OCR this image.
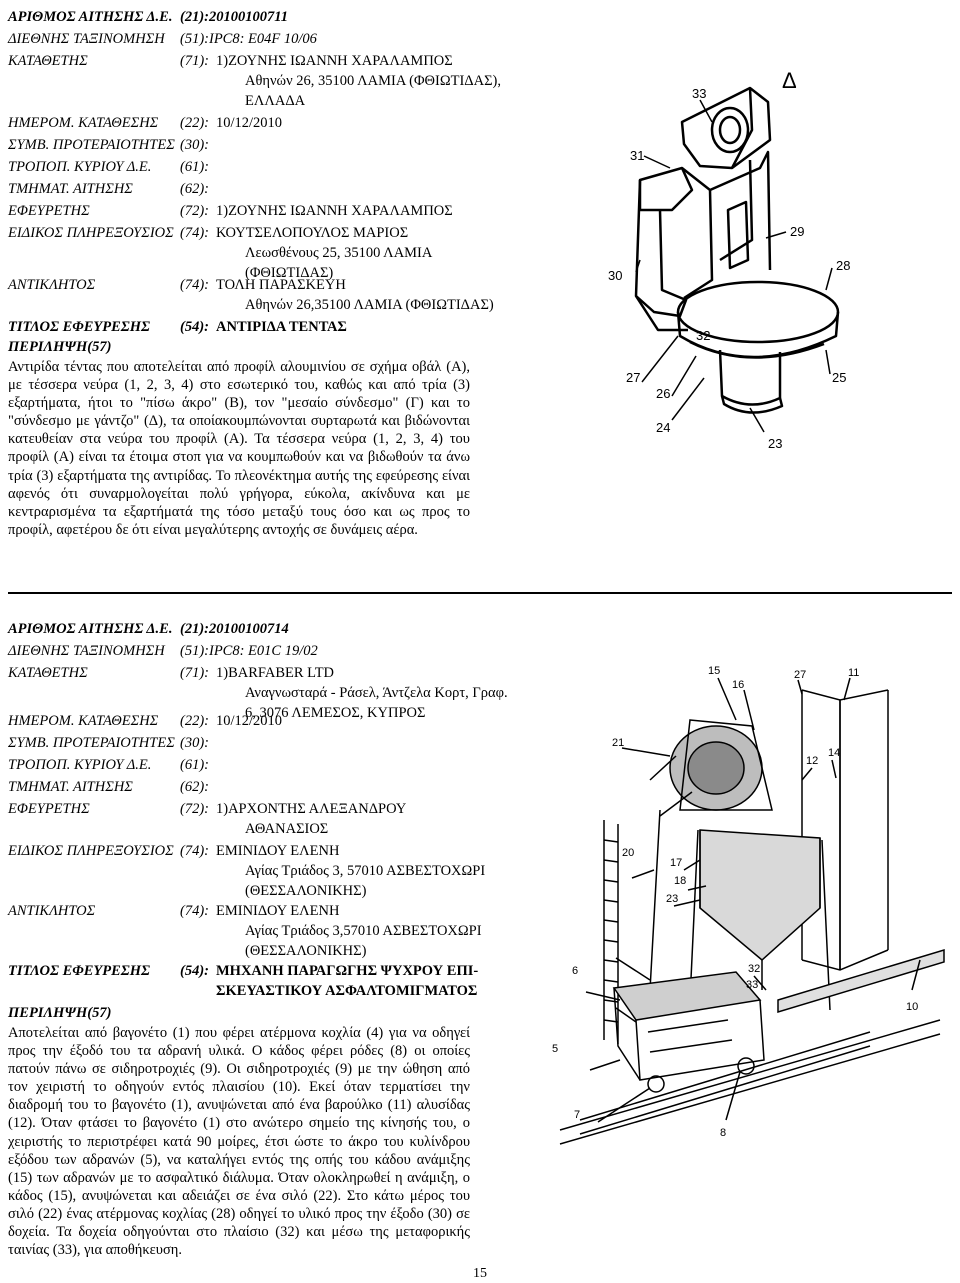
ΑΡΙΘΜΟΣ ΑΙΤΗΣΗΣ Δ.Ε. (21):20100100711
ΔΙΕΘΝΗΣ ΤΑΞΙΝΟΜΗΣΗ (51):IPC8: E04F 10/06
ΚΑΤΑΘΕΤΗΣ	(71): 1)ΖΟΥΝΗΣ ΙΩΑΝΝΗ ΧΑΡΑΛΑΜΠΟΣ
Αθηνών 26, 35100 ΛΑΜΙΑ (ΦΘΙΩΤΙΔΑΣ),
ΕΛΛΑΔΑ
ΗΜΕΡΟΜ. ΚΑΤΑΘΕΣΗΣ (22): 10/12/2010
ΣΥΜΒ. ΠΡΟΤΕΡΑΙΟΤΗΤΕΣ (30):
ΤΡΟΠΟΠ. ΚΥΡΙΟΥ Δ.Ε. (61):
ΤΜΗΜΑΤ. ΑΙΤΗΣΗΣ	(62):
ΕΦΕΥΡΕΤΗΣ	(72): 1)ΖΟΥΝΗΣ ΙΩΑΝΝΗ ΧΑΡΑΛΑΜΠΟΣ
ΕΙΔΙΚΟΣ ΠΛΗΡΕΞΟΥΣΙΟΣ (74): ΚΟΥΤΣΕΛΟΠΟΥΛΟΣ ΜΑΡΙΟΣ
Λεωσθένους 25, 35100 ΛΑΜΙΑ
(ΦΘΙΩΤΙΔΑΣ)
ΑΝΤΙΚΛΗΤΟΣ	(74): ΤΟΛΗ ΠΑΡΑΣΚΕΥΗ
Αθηνών 26,35100 ΛΑΜΙΑ (ΦΘΙΩΤΙΔΑΣ)
ΤΙΤΛΟΣ ΕΦΕΥΡΕΣΗΣ (54): ΑΝΤΙΡΙΔΑ ΤΕΝΤΑΣ
ΠΕΡΙΛΗΨΗ(57)
Αντιρίδα τέντας που αποτελείται από προφίλ αλουμινίου σε σχήμα οβάλ (Α), με τέσσερα νεύρα (1, 2, 3, 4) στο εσωτερικό του, καθώς και από τρία (3) εξαρτήματα, ήτοι το "πίσω άκρο" (Β), τον "μεσαίο σύνδεσμο" (Γ) και το "σύνδεσμο με γάντζο" (Δ), τα οποίακουμπώνονται συρταρωτά και βιδώνονται κατευθείαν στα νεύρα του προφίλ (Α). Τα τέσσερα νεύρα (1, 2, 3, 4) του προφίλ (Α) είναι τα έτοιμα στοπ για να κουμπωθούν και να βιδωθούν τα άνω τρία (3) εξαρτήματα της αντιρίδας. Το πλεονέκτημα αυτής της εφεύρεσης είναι αφενός ότι συναρμολογείται πολύ γρήγορα, εύκολα, ακίνδυνα και με κεντραρισμένα τα εξαρτήματά της τόσο μεταξύ τους όσο και ως προς το προφίλ, αφετέρου δε ότι είναι μεγαλύτερης αντοχής σε δυνάμεις αέρα.
Δ
33
31
29
30
28
32
27
26
25
24
23
ΑΡΙΘΜΟΣ ΑΙΤΗΣΗΣ Δ.Ε. (21):20100100714
ΔΙΕΘΝΗΣ ΤΑΞΙΝΟΜΗΣΗ (51):IPC8: E01C 19/02
ΚΑΤΑΘΕΤΗΣ	(71): 1)BARFABER LTD
Αναγνωσταρά - Ράσελ, Άντζελα Κορτ, Γραφ.
6, 3076 ΛΕΜΕΣΟΣ, ΚΥΠΡΟΣ
ΗΜΕΡΟΜ. ΚΑΤΑΘΕΣΗΣ (22): 10/12/2010
ΣΥΜΒ. ΠΡΟΤΕΡΑΙΟΤΗΤΕΣ (30):
ΤΡΟΠΟΠ. ΚΥΡΙΟΥ Δ.Ε. (61):
ΤΜΗΜΑΤ. ΑΙΤΗΣΗΣ	(62):
ΕΦΕΥΡΕΤΗΣ	(72): 1)ΑΡΧΟΝΤΗΣ ΑΛΕΞΑΝΔΡΟΥ
ΑΘΑΝΑΣΙΟΣ
ΕΙΔΙΚΟΣ ΠΛΗΡΕΞΟΥΣΙΟΣ (74): ΕΜΙΝΙΔΟΥ ΕΛΕΝΗ
Αγίας Τριάδος 3, 57010 ΑΣΒΕΣΤΟΧΩΡΙ
(ΘΕΣΣΑΛΟΝΙΚΗΣ)
ΑΝΤΙΚΛΗΤΟΣ	(74): ΕΜΙΝΙΔΟΥ ΕΛΕΝΗ
Αγίας Τριάδος 3,57010 ΑΣΒΕΣΤΟΧΩΡΙ
(ΘΕΣΣΑΛΟΝΙΚΗΣ)
ΤΙΤΛΟΣ ΕΦΕΥΡΕΣΗΣ (54): ΜΗΧΑΝΗ ΠΑΡΑΓΩΓΗΣ ΨΥΧΡΟΥ ΕΠΙ-
ΣΚΕΥΑΣΤΙΚΟΥ ΑΣΦΑΛΤΟΜΙΓΜΑΤΟΣ
ΠΕΡΙΛΗΨΗ(57)
Αποτελείται από βαγονέτο (1) που φέρει ατέρμονα κοχλία (4) για να οδηγεί προς την έξοδό του τα αδρανή υλικά. Ο κάδος φέρει ρόδες (8) οι οποίες πατούν πάνω σε σιδηροτροχιές (9). Οι σιδηροτροχιές (9) με την ώθηση από τον χειριστή το οδηγούν εντός πλαισίου (10). Εκεί όταν τερματίσει την διαδρομή του το βαγονέτο (1), ανυψώνεται από ένα βαρούλκο (11) αλυσίδας (12). Όταν φτάσει το βαγονέτο (1) στο ανώτερο σημείο της κίνησής του, ο χειριστής το περιστρέφει κατά 90 μοίρες, έτσι ώστε το άκρο του κυλίνδρου εξόδου των αδρανών (5), να καταλήγει εντός της οπής του κάδου ανάμιξης (15) των αδρανών με το ασφαλτικό διάλυμα. Όταν ολοκληρωθεί η ανάμιξη, ο κάδος (15), ανυψώνεται και αδειάζει σε ένα σιλό (22). Στο κάτω μέρος του σιλό (22) ένας ατέρμονας κοχλίας (28) οδηγεί το υλικό προς την έξοδο (30) σε δοχεία. Τα δοχεία οδηγούνται στο πλαίσιο (32) και μέσω της μεταφορικής ταινίας (33), για αποθήκευση.
15
16
27	11
21
12
14
20
17
18
23
32
6
33
10
5
7
8
15
